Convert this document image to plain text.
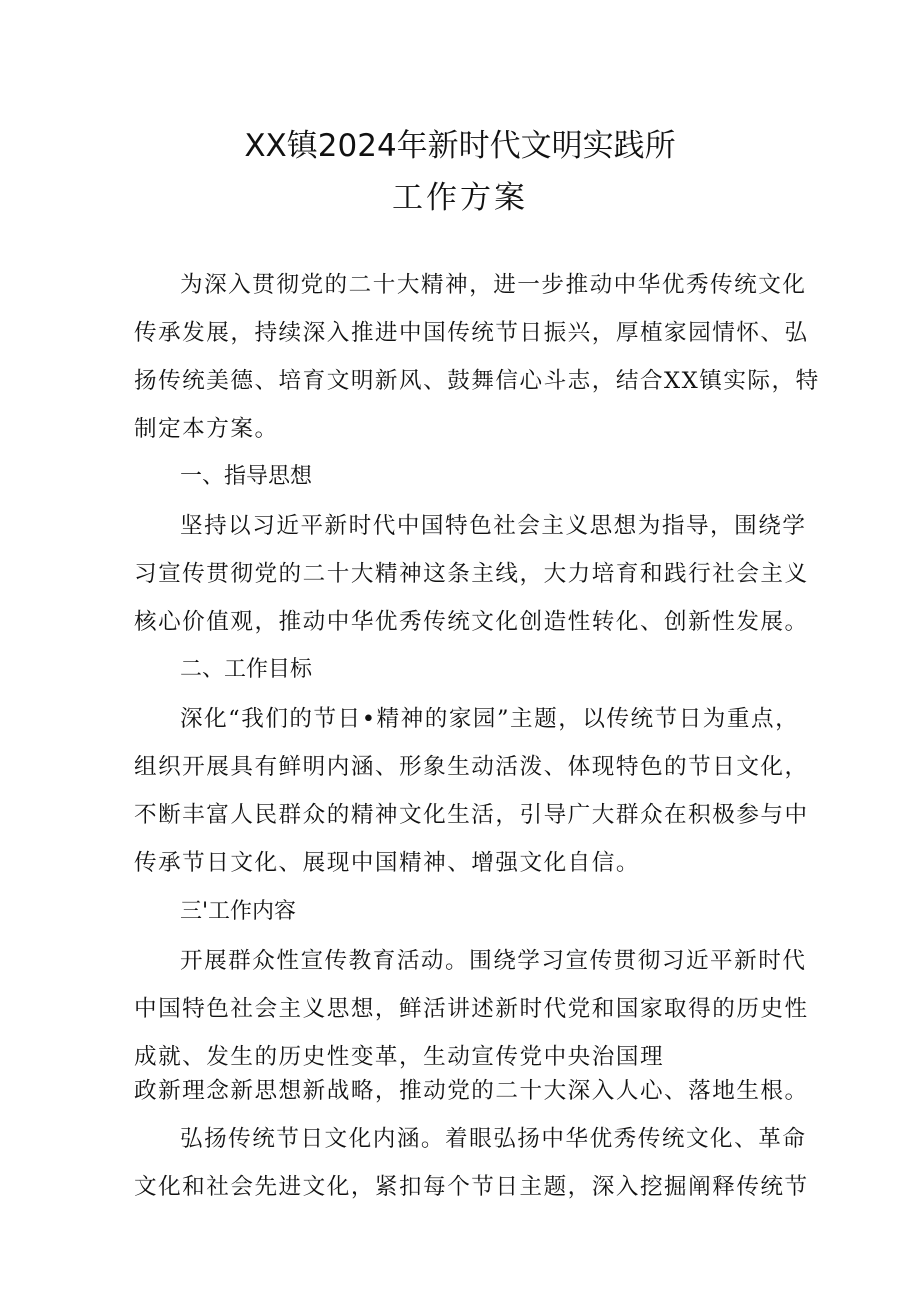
XX镇2024年新时代文明实践所
工作方案
为深入贯彻党的二十大精神，进一步推动中华优秀传统文化
传承发展，持续深入推进中国传统节日振兴，厚植家园情怀、弘
扬传统美德、培育文明新风、鼓舞信心斗志，结合XX镇实际，特
制定本方案。
一、指导思想
坚持以习近平新时代中国特色社会主义思想为指导，围绕学
习宣传贯彻党的二十大精神这条主线，大力培育和践行社会主义
核心价值观，推动中华优秀传统文化创造性转化、创新性发展。
二、工作目标
深化“我们的节日•精神的家园”主题，以传统节日为重点，
组织开展具有鲜明内涵、形象生动活泼、体现特色的节日文化，
不断丰富人民群众的精神文化生活，引导广大群众在积极参与中
传承节日文化、展现中国精神、增强文化自信。
三'工作内容
开展群众性宣传教育活动。围绕学习宣传贯彻习近平新时代
中国特色社会主义思想，鲜活讲述新时代党和国家取得的历史性
成就、发生的历史性变革，生动宣传党中央治国理
政新理念新思想新战略，推动党的二十大深入人心、落地生根。
弘扬传统节日文化内涵。着眼弘扬中华优秀传统文化、革命
文化和社会先进文化，紧扣每个节日主题，深入挖掘阐释传统节
